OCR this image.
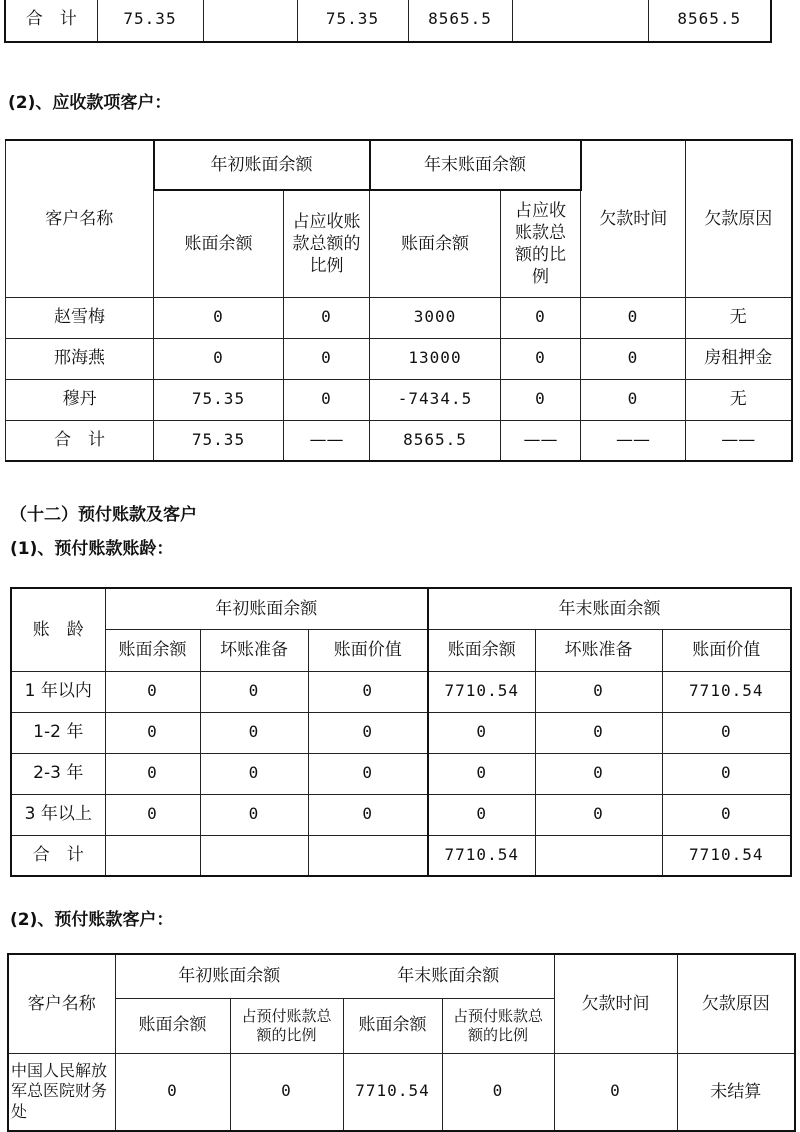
合　计	75.35		75.35	8565.5		8565.5
(2)、应收款项客户：
客户名称	年初账面余额		年末账面余额		欠款时间	欠款原因
	账面余额	占应收账款总额的比例	账面余额	占应收账款总额的比例		
赵雪梅	0	0	3000	0	0	无
邢海燕	0	0	13000	0	0	房租押金
穆丹	75.35	0	-7434.5	0	0	无
合　计	75.35	——	8565.5	——	——	——
（十二）预付账款及客户
(1)、预付账款账龄：
账　龄	年初账面余额			年末账面余额		
	账面余额	坏账准备	账面价值	账面余额	坏账准备	账面价值
1 年以内	0	0	0	7710.54	0	7710.54
1-2 年	0	0	0	0	0	0
2-3 年	0	0	0	0	0	0
3 年以上	0	0	0	0	0	0
合　计				7710.54		7710.54
(2)、预付账款客户：
客户名称	年初账面余额		年末账面余额		欠款时间	欠款原因
	账面余额	占预付账款总额的比例	账面余额	占预付账款总额的比例		
中国人民解放军总医院财务处	0	0	7710.54	0	0	未结算
